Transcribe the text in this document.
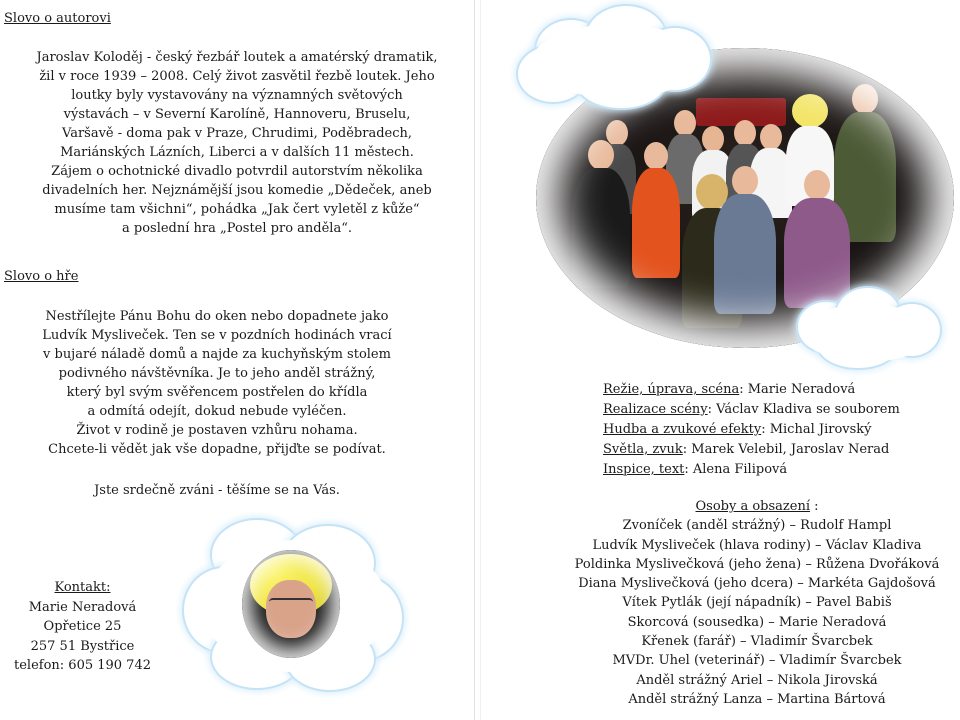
Slovo o autorovi
Jaroslav Koloděj - český řezbář loutek a amatérský dramatik,
žil v roce 1939 – 2008. Celý život zasvětil řezbě loutek. Jeho
loutky byly vystavovány na významných světových
výstavách – v Severní Karolíně, Hannoveru, Bruselu,
Varšavě - doma pak v Praze, Chrudimi, Poděbradech,
Mariánských Lázních, Liberci a v dalších 11 městech.
Zájem o ochotnické divadlo potvrdil autorstvím několika
divadelních her. Nejznámější jsou komedie „Dědeček, aneb
musíme tam všichni“, pohádka „Jak čert vyletěl z kůže“
a poslední hra „Postel pro anděla“.
Slovo o hře
Nestřílejte Pánu Bohu do oken nebo dopadnete jako
Ludvík Mysliveček. Ten se v pozdních hodinách vrací
v bujaré náladě domů a najde za kuchyňským stolem
podivného návštěvníka. Je to jeho anděl strážný,
který byl svým svěřencem postřelen do křídla
a odmítá odejít, dokud nebude vyléčen.
Život v rodině je postaven vzhůru nohama.
Chcete-li vědět jak vše dopadne, přijďte se podívat.
Jste srdečně zváni - těšíme se na Vás.
Kontakt:
Marie Neradová
Opřetice 25
257 51 Bystřice
telefon: 605 190 742
Režie, úprava, scéna: Marie Neradová
Realizace scény: Václav Kladiva se souborem
Hudba a zvukové efekty: Michal Jirovský
Světla, zvuk: Marek Velebil, Jaroslav Nerad
Inspice, text: Alena Filipová
Osoby a obsazení :
Zvoníček (anděl strážný) – Rudolf Hampl
Ludvík Mysliveček (hlava rodiny) – Václav Kladiva
Poldinka Myslivečková (jeho žena) – Růžena Dvořáková
Diana Myslivečková (jeho dcera) – Markéta Gajdošová
Vítek Pytlák (její nápadník) – Pavel Babiš
Skorcová (sousedka) – Marie Neradová
Křenek (farář) – Vladimír Švarcbek
MVDr. Uhel (veterinář) – Vladimír Švarcbek
Anděl strážný Ariel – Nikola Jirovská
Anděl strážný Lanza – Martina Bártová
